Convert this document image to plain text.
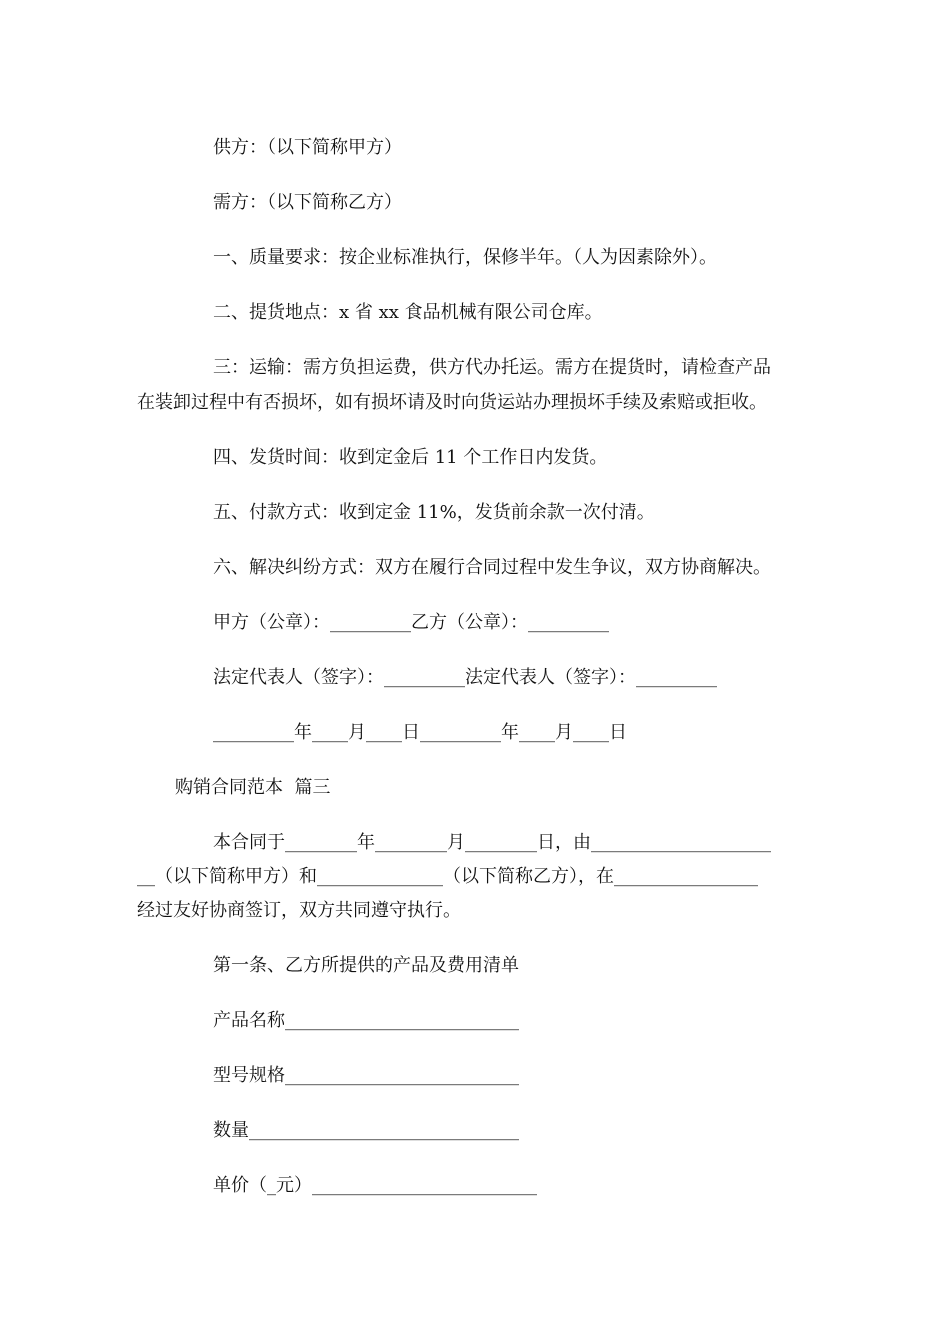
供方：（以下简称甲方）
需方：（以下简称乙方）
一、质量要求：按企业标准执行，保修半年。（人为因素除外）。
二、提货地点：x 省 xx 食品机械有限公司仓库。
三：运输：需方负担运费，供方代办托运。需方在提货时，请检查产品
在装卸过程中有否损坏，如有损坏请及时向货运站办理损坏手续及索赔或拒收。
四、发货时间：收到定金后 11 个工作日内发货。
五、付款方式：收到定金 11%，发货前余款一次付清。
六、解决纠纷方式：双方在履行合同过程中发生争议，双方协商解决。
甲方（公章）：_________乙方（公章）：_________
法定代表人（签字）：_________法定代表人（签字）：_________
_________年____月____日_________年____月____日
购销合同范本  篇三
本合同于________年________月________日，由____________________
__（以下简称甲方）和______________（以下简称乙方），在________________
经过友好协商签订，双方共同遵守执行。
第一条、乙方所提供的产品及费用清单
产品名称__________________________
型号规格__________________________
数量______________________________
单价（_元）_________________________
